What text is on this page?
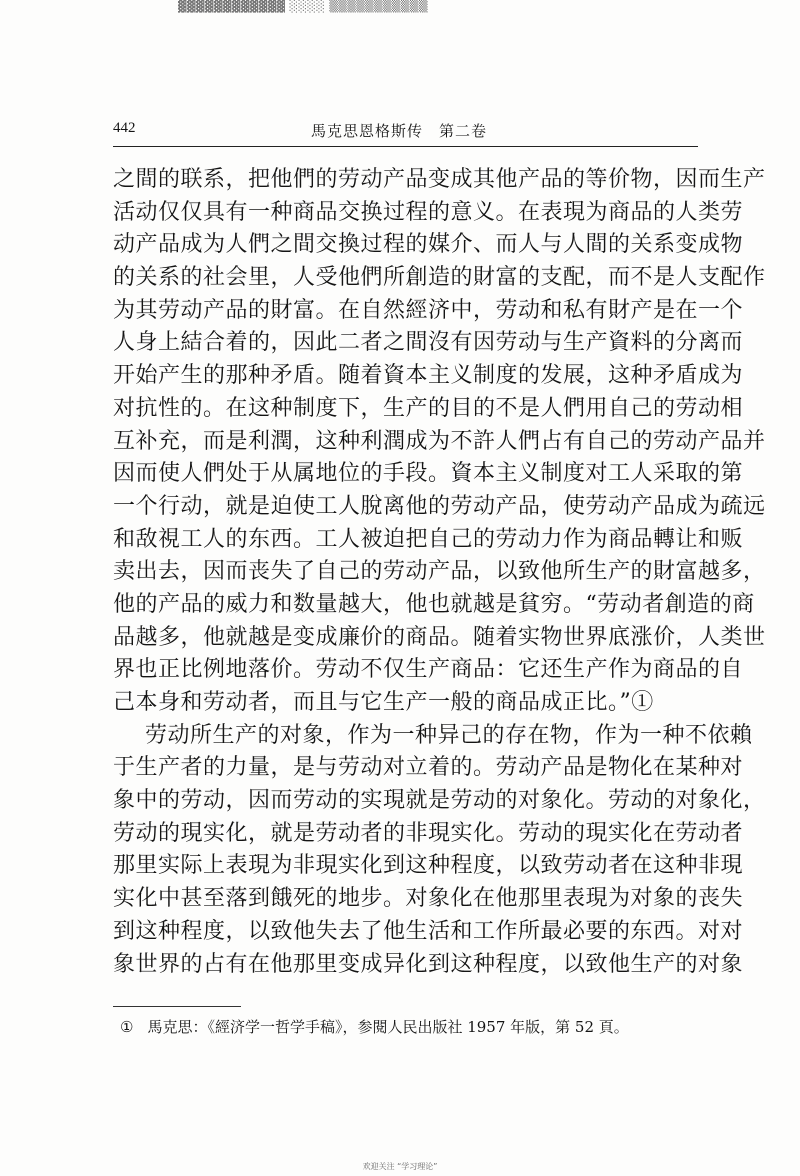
▓▓▓▓▓▓▓▓▓▓▓▓ ░░░░ ▒▒▒▒▒▒▒▒▒▒▒
442	馬克思恩格斯传　第二卷
之間的联系，把他們的劳动产品变成其他产品的等价物，因而生产
活动仅仅具有一种商品交换过程的意义。在表現为商品的人类劳
动产品成为人們之間交換过程的媒介、而人与人間的关系变成物
的关系的社会里，人受他們所創造的財富的支配，而不是人支配作
为其劳动产品的財富。在自然經济中，劳动和私有財产是在一个
人身上結合着的，因此二者之間沒有因劳动与生产資料的分离而
开始产生的那种矛盾。随着資本主义制度的发展，这种矛盾成为
对抗性的。在这种制度下，生产的目的不是人們用自己的劳动相
互补充，而是利潤，这种利潤成为不許人們占有自己的劳动产品并
因而使人們处于从属地位的手段。資本主义制度对工人采取的第
一个行动，就是迫使工人脫离他的劳动产品，使劳动产品成为疏远
和敌視工人的东西。工人被迫把自己的劳动力作为商品轉让和贩
卖出去，因而丧失了自己的劳动产品，以致他所生产的財富越多，
他的产品的威力和数量越大，他也就越是貧穷。“劳动者創造的商
品越多，他就越是变成廉价的商品。随着实物世界底涨价，人类世
界也正比例地落价。劳动不仅生产商品：它还生产作为商品的自
己本身和劳动者，而且与它生产一般的商品成正比。”①
劳动所生产的对象，作为一种异己的存在物，作为一种不依賴
于生产者的力量，是与劳动对立着的。劳动产品是物化在某种对
象中的劳动，因而劳动的实現就是劳动的对象化。劳动的对象化，
劳动的現实化，就是劳动者的非現实化。劳动的現实化在劳动者
那里实际上表現为非現实化到这种程度，以致劳动者在这种非現
实化中甚至落到餓死的地步。对象化在他那里表現为对象的丧失
到这种程度，以致他失去了他生活和工作所最必要的东西。对对
象世界的占有在他那里变成异化到这种程度，以致他生产的对象
① 馬克思：《經济学一哲学手稿》，参閱人民出版社 1957 年版，第 52 頁。
欢迎关注 “学习理论”
